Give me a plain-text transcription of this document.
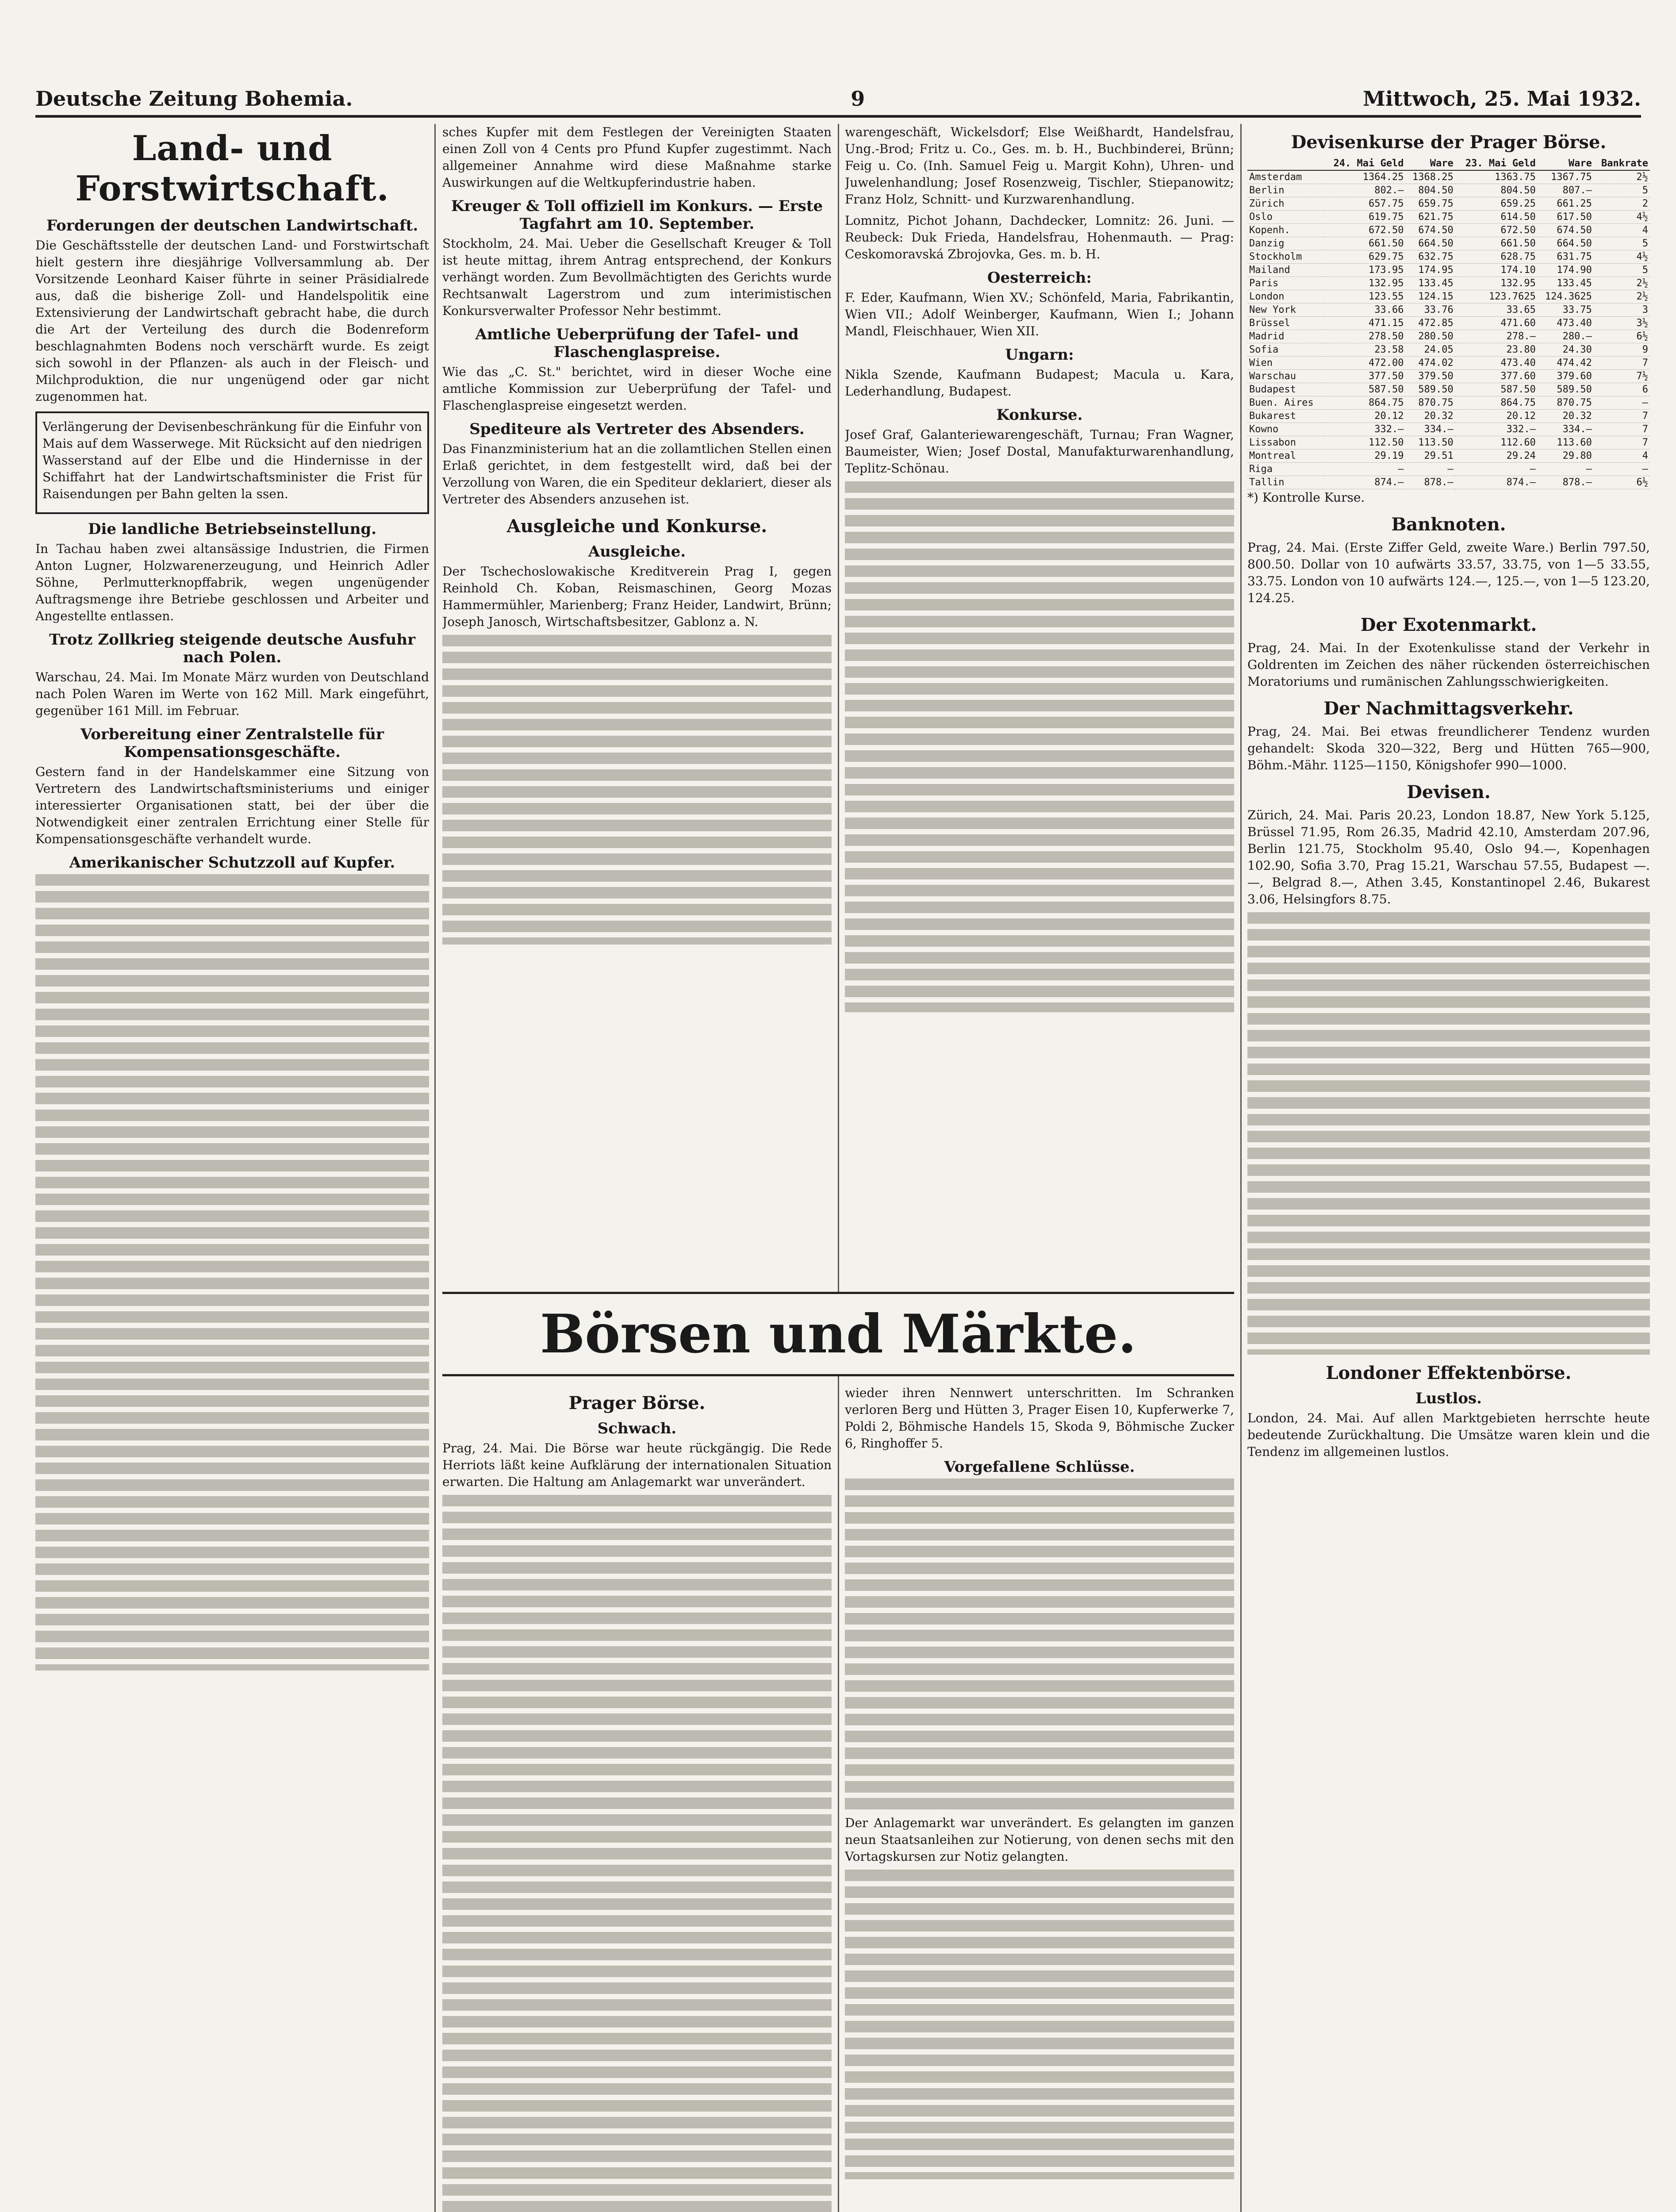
Deutsche Zeitung Bohemia.	9	Mittwoch, 25. Mai 1932.
Land- und Forstwirtschaft.
Forderungen der deutschen Landwirtschaft.

Die Geschäftsstelle der deutschen Land- und Forstwirtschaft hielt gestern ihre diesjährige Vollversammlung ab. Der Vorsitzende Leonhard Kaiser führte in seiner Präsidialrede aus, daß die bisherige Zoll- und Handelspolitik eine Extensivierung der Landwirtschaft gebracht habe, die durch die Art der Verteilung des durch die Bodenreform beschlagnahmten Bodens noch verschärft wurde. Es zeigt sich sowohl in der Pflanzen- als auch in der Fleisch- und Milchproduktion, die nur ungenügend oder gar nicht zugenommen hat.

Verlängerung der Devisenbeschränkung für die Einfuhr von Mais auf dem Wasserwege. Mit Rücksicht auf den niedrigen Wasserstand auf der Elbe und die Hindernisse in der Schiffahrt hat der Landwirtschaftsminister die Frist für Raisendungen per Bahn gelten la ssen.

Die landliche Betriebseinstellung.

In Tachau haben zwei altansässige Industrien, die Firmen Anton Lugner, Holzwarenerzeugung, und Heinrich Adler Söhne, Perlmutterknopffabrik, wegen ungenügender Auftragsmenge ihre Betriebe geschlossen und Arbeiter und Angestellte entlassen.

Trotz Zollkrieg steigende deutsche Ausfuhr nach Polen.

Warschau, 24. Mai. Im Monate März wurden von Deutschland nach Polen Waren im Werte von 162 Mill. Mark eingeführt, gegenüber 161 Mill. im Februar.

Vorbereitung einer Zentralstelle für Kompensationsgeschäfte.

Gestern fand in der Handelskammer eine Sitzung von Vertretern des Landwirtschaftsministeriums und einiger interessierter Organisationen statt, bei der über die Notwendigkeit einer zentralen Errichtung einer Stelle für Kompensationsgeschäfte verhandelt wurde.

Amerikanischer Schutzzoll auf Kupfer.

sches Kupfer mit dem Festlegen der Vereinigten Staaten einen Zoll von 4 Cents pro Pfund Kupfer zugestimmt. Nach allgemeiner Annahme wird diese Maßnahme starke Auswirkungen auf die Weltkupferindustrie haben.

Kreuger & Toll offiziell im Konkurs. — Erste Tagfahrt am 10. September.

Stockholm, 24. Mai. Ueber die Gesellschaft Kreuger & Toll ist heute mittag, ihrem Antrag entsprechend, der Konkurs verhängt worden. Zum Bevollmächtigten des Gerichts wurde Rechtsanwalt Lagerstrom und zum interimistischen Konkursverwalter Professor Nehr bestimmt.

Amtliche Ueberprüfung der Tafel- und Flaschenglaspreise.

Wie das „C. St." berichtet, wird in dieser Woche eine amtliche Kommission zur Ueberprüfung der Tafel- und Flaschenglaspreise eingesetzt werden.

Spediteure als Vertreter des Absenders.

Das Finanzministerium hat an die zollamtlichen Stellen einen Erlaß gerichtet, in dem festgestellt wird, daß bei der Verzollung von Waren, die ein Spediteur deklariert, dieser als Vertreter des Absenders anzusehen ist.

Ausgleiche und Konkurse.
Ausgleiche.

Der Tschechoslowakische Kreditverein Prag I, gegen Reinhold Ch. Koban, Reismaschinen, Georg Mozas Hammermühler, Marienberg; Franz Heider, Landwirt, Brünn; Joseph Janosch, Wirtschaftsbesitzer, Gablonz a. N.

warengeschäft, Wickelsdorf; Else Weißhardt, Handelsfrau, Ung.-Brod; Fritz u. Co., Ges. m. b. H., Buchbinderei, Brünn; Feig u. Co. (Inh. Samuel Feig u. Margit Kohn), Uhren- und Juwelenhandlung; Josef Rosenzweig, Tischler, Stiepanowitz; Franz Holz, Schnitt- und Kurzwarenhandlung.

Lomnitz, Pichot Johann, Dachdecker, Lomnitz: 26. Juni. — Reubeck: Duk Frieda, Handelsfrau, Hohenmauth. — Prag: Ceskomoravská Zbrojovka, Ges. m. b. H.

Oesterreich:

F. Eder, Kaufmann, Wien XV.; Schönfeld, Maria, Fabrikantin, Wien VII.; Adolf Weinberger, Kaufmann, Wien I.; Johann Mandl, Fleischhauer, Wien XII.

Ungarn:

Nikla Szende, Kaufmann Budapest; Macula u. Kara, Lederhandlung, Budapest.

Konkurse.

Josef Graf, Galanteriewarengeschäft, Turnau; Fran Wagner, Baumeister, Wien; Josef Dostal, Manufakturwarenhandlung, Teplitz-Schönau.

Börsen und Märkte.
Prager Börse.
Schwach.

Prag, 24. Mai. Die Börse war heute rückgängig. Die Rede Herriots läßt keine Aufklärung der internationalen Situation erwarten. Die Haltung am Anlagemarkt war unverändert.

wieder ihren Nennwert unterschritten. Im Schranken verloren Berg und Hütten 3, Prager Eisen 10, Kupferwerke 7, Poldi 2, Böhmische Handels 15, Skoda 9, Böhmische Zucker 6, Ringhoffer 5.

Vorgefallene Schlüsse.

Der Anlagemarkt war unverändert. Es gelangten im ganzen neun Staatsanleihen zur Notierung, von denen sechs mit den Vortagskursen zur Notiz gelangten.

Devisenkurse der Prager Börse.
	24. Mai Geld	Ware	23. Mai Geld	Ware	Bankrate
Amsterdam	1364.25	1368.25	1363.75	1367.75	2½
Berlin	802.—	804.50	804.50	807.—	5
Zürich	657.75	659.75	659.25	661.25	2
Oslo	619.75	621.75	614.50	617.50	4½
Kopenh.	672.50	674.50	672.50	674.50	4
Danzig	661.50	664.50	661.50	664.50	5
Stockholm	629.75	632.75	628.75	631.75	4½
Mailand	173.95	174.95	174.10	174.90	5
Paris	132.95	133.45	132.95	133.45	2½
London	123.55	124.15	123.7625	124.3625	2½
New York	33.66	33.76	33.65	33.75	3
Brüssel	471.15	472.85	471.60	473.40	3½
Madrid	278.50	280.50	278.—	280.—	6½
Sofia	23.58	24.05	23.80	24.30	9
Wien	472.00	474.02	473.40	474.42	7
Warschau	377.50	379.50	377.60	379.60	7½
Budapest	587.50	589.50	587.50	589.50	6
Buen. Aires	864.75	870.75	864.75	870.75	—
Bukarest	20.12	20.32	20.12	20.32	7
Kowno	332.—	334.—	332.—	334.—	7
Lissabon	112.50	113.50	112.60	113.60	7
Montreal	29.19	29.51	29.24	29.80	4
Riga	—	—	—	—	—
Tallin	874.—	878.—	874.—	878.—	6½

*) Kontrolle Kurse.

Banknoten.

Prag, 24. Mai. (Erste Ziffer Geld, zweite Ware.) Berlin 797.50, 800.50. Dollar von 10 aufwärts 33.57, 33.75, von 1—5 33.55, 33.75. London von 10 aufwärts 124.—, 125.—, von 1—5 123.20, 124.25.

Der Exotenmarkt.

Prag, 24. Mai. In der Exotenkulisse stand der Verkehr in Goldrenten im Zeichen des näher rückenden österreichischen Moratoriums und rumänischen Zahlungsschwierigkeiten.

Der Nachmittagsverkehr.

Prag, 24. Mai. Bei etwas freundlicherer Tendenz wurden gehandelt: Skoda 320—322, Berg und Hütten 765—900, Böhm.-Mähr. 1125—1150, Königshofer 990—1000.

Devisen.

Zürich, 24. Mai. Paris 20.23, London 18.87, New York 5.125, Brüssel 71.95, Rom 26.35, Madrid 42.10, Amsterdam 207.96, Berlin 121.75, Stockholm 95.40, Oslo 94.—, Kopenhagen 102.90, Sofia 3.70, Prag 15.21, Warschau 57.55, Budapest —.—, Belgrad 8.—, Athen 3.45, Konstantinopel 2.46, Bukarest 3.06, Helsingfors 8.75.

Londoner Effektenbörse.
Lustlos.

London, 24. Mai. Auf allen Marktgebieten herrschte heute bedeutende Zurückhaltung. Die Umsätze waren klein und die Tendenz im allgemeinen lustlos.
